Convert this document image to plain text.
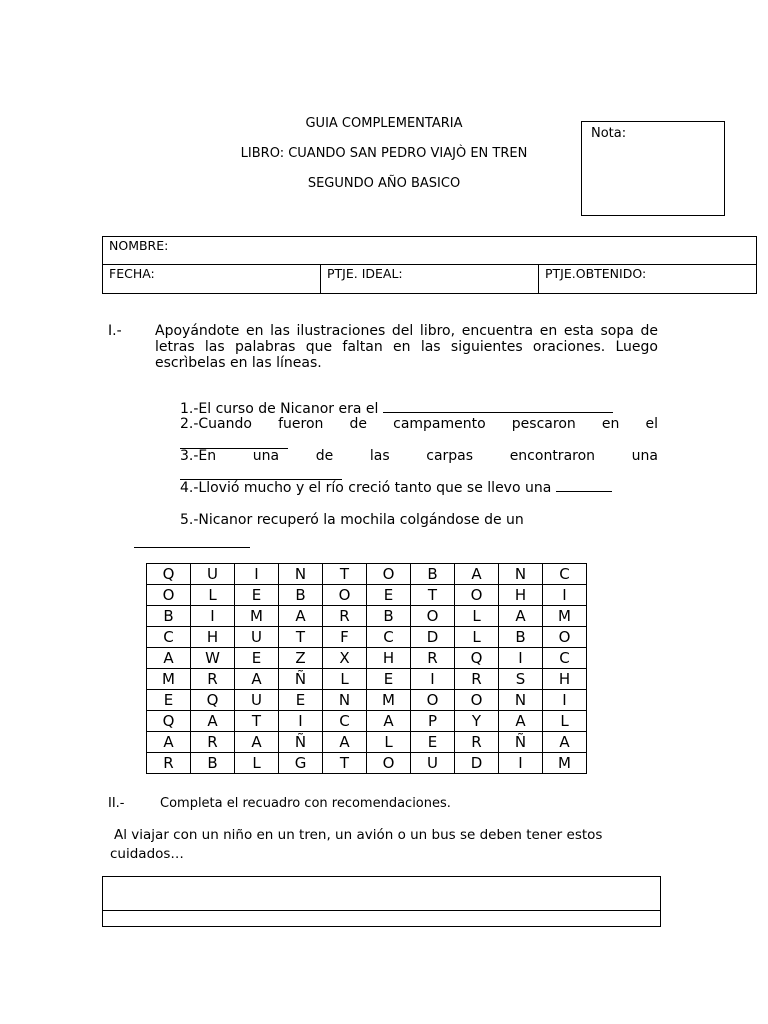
GUIA COMPLEMENTARIA
LIBRO: CUANDO SAN PEDRO VIAJÒ EN TREN
SEGUNDO AÑO BASICO
Nota:
NOMBRE:
FECHA:	PTJE. IDEAL:	PTJE.OBTENIDO:
I.- Apoyándote en las ilustraciones del libro, encuentra en esta sopa de letras las palabras que faltan en las siguientes oraciones. Luego escrìbelas en las líneas.
1.-El curso de Nicanor era el
2.-Cuando fueron de campamento pescaron en el
3.-En una de las carpas encontraron una
4.-Llovió mucho y el río creció tanto que se llevo una
5.-Nicanor recuperó la mochila colgándose de un
Q	U	I	N	T	O	B	A	N	C
O	L	E	B	O	E	T	O	H	I
B	I	M	A	R	B	O	L	A	M
C	H	U	T	F	C	D	L	B	O
A	W	E	Z	X	H	R	Q	I	C
M	R	A	Ñ	L	E	I	R	S	H
E	Q	U	E	N	M	O	O	N	I
Q	A	T	I	C	A	P	Y	A	L
A	R	A	Ñ	A	L	E	R	Ñ	A
R	B	L	G	T	O	U	D	I	M
II.-	Completa el recuadro con recomendaciones.
Al viajar con un niño en un tren, un avión o un bus se deben tener estos
cuidados…
